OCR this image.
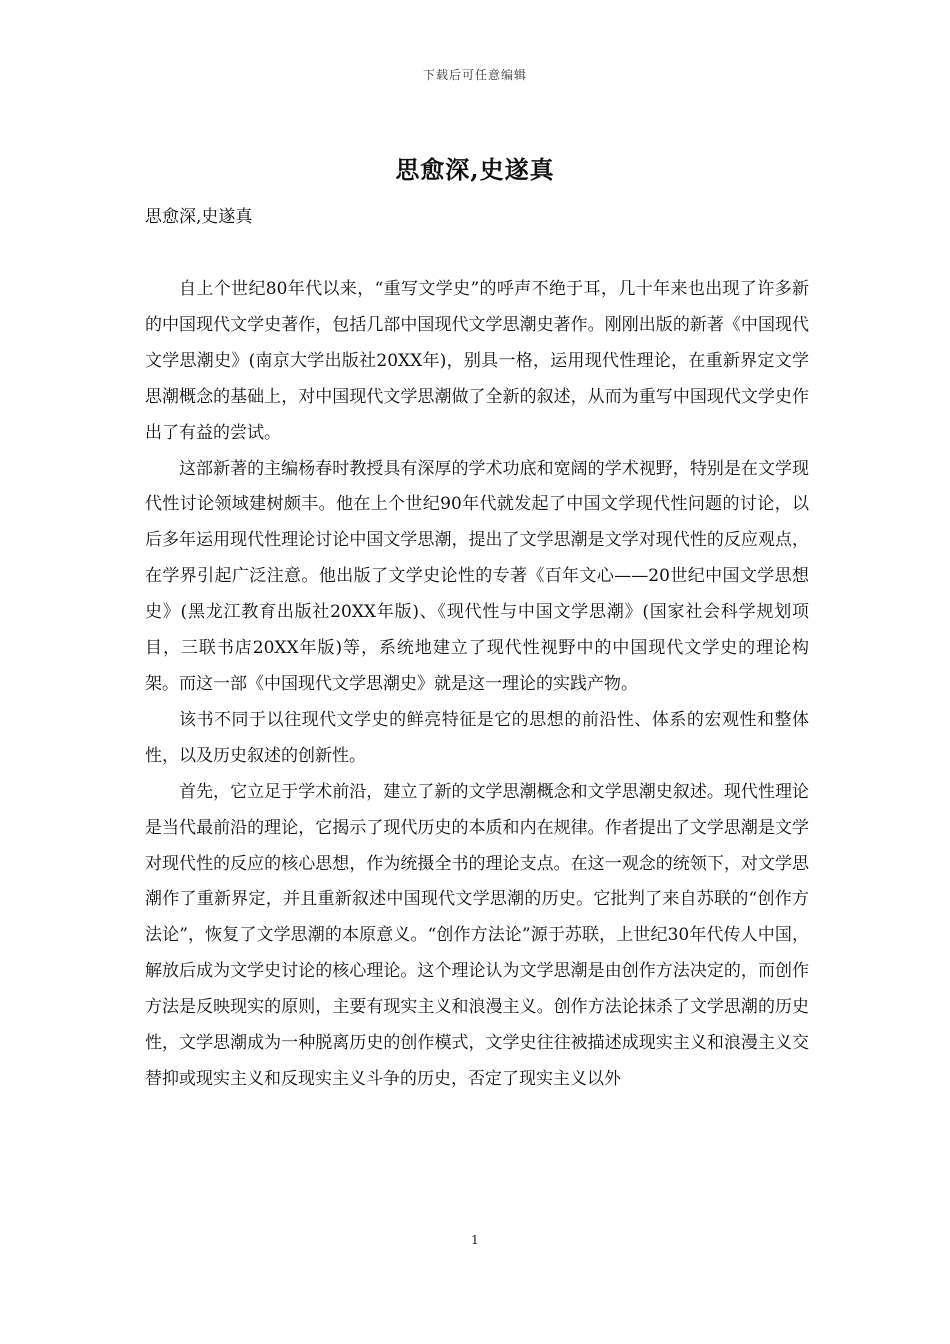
下载后可任意编辑
思愈深,史遂真

思愈深,史遂真

自上个世纪80年代以来，“重写文学史”的呼声不绝于耳，几十年来也出现了许多新的中国现代文学史著作，包括几部中国现代文学思潮史著作。刚刚出版的新著《中国现代文学思潮史》(南京大学出版社20XX年)，别具一格，运用现代性理论，在重新界定文学思潮概念的基础上，对中国现代文学思潮做了全新的叙述，从而为重写中国现代文学史作出了有益的尝试。

这部新著的主编杨春时教授具有深厚的学术功底和宽阔的学术视野，特别是在文学现代性讨论领域建树颇丰。他在上个世纪90年代就发起了中国文学现代性问题的讨论，以后多年运用现代性理论讨论中国文学思潮，提出了文学思潮是文学对现代性的反应观点，在学界引起广泛注意。他出版了文学史论性的专著《百年文心——20世纪中国文学思想史》(黑龙江教育出版社20XX年版)、《现代性与中国文学思潮》(国家社会科学规划项目，三联书店20XX年版)等，系统地建立了现代性视野中的中国现代文学史的理论构架。而这一部《中国现代文学思潮史》就是这一理论的实践产物。

该书不同于以往现代文学史的鲜亮特征是它的思想的前沿性、体系的宏观性和整体性，以及历史叙述的创新性。

首先，它立足于学术前沿，建立了新的文学思潮概念和文学思潮史叙述。现代性理论是当代最前沿的理论，它揭示了现代历史的本质和内在规律。作者提出了文学思潮是文学对现代性的反应的核心思想，作为统摄全书的理论支点。在这一观念的统领下，对文学思潮作了重新界定，并且重新叙述中国现代文学思潮的历史。它批判了来自苏联的“创作方法论”，恢复了文学思潮的本原意义。“创作方法论”源于苏联，上世纪30年代传人中国，解放后成为文学史讨论的核心理论。这个理论认为文学思潮是由创作方法决定的，而创作方法是反映现实的原则，主要有现实主义和浪漫主义。创作方法论抹杀了文学思潮的历史性，文学思潮成为一种脱离历史的创作模式，文学史往往被描述成现实主义和浪漫主义交替抑或现实主义和反现实主义斗争的历史，否定了现实主义以外

1
